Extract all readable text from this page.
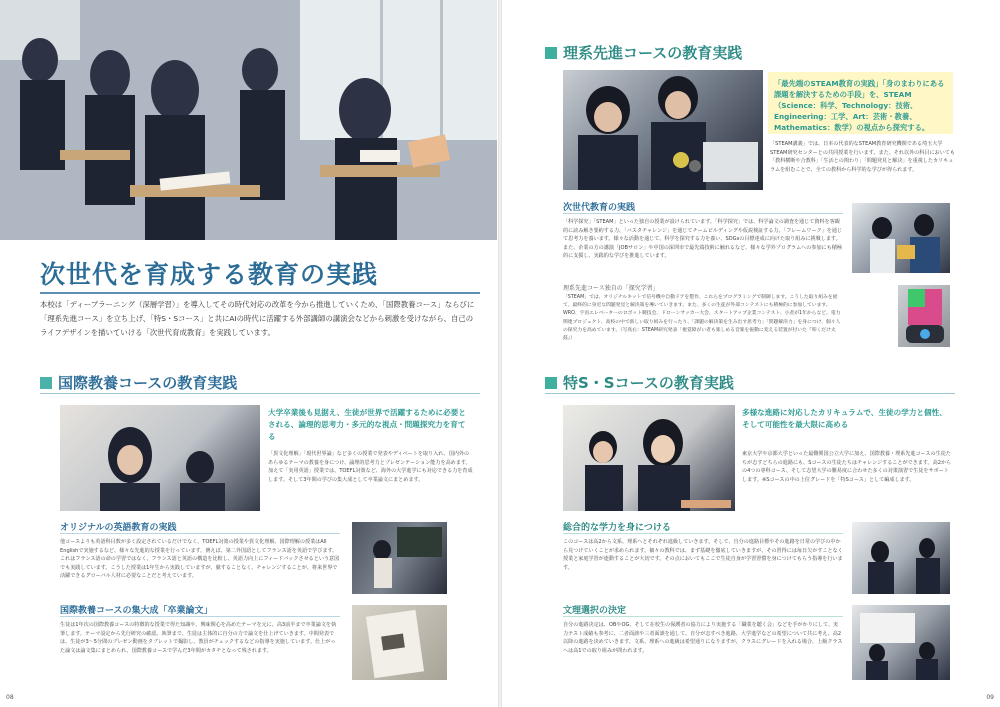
次世代を育成する教育の実践
本校は「ディープラーニング（深層学習）」を導入してその時代対応の改革を今から推進していくため、「国際教養コース」ならびに「理系先進コース」を立ち上げ、「特S・Sコース」と共にAIの時代に活躍する外部講師の講演会などから刺激を受けながら、自己のライフデザインを描いていける「次世代育成教育」を実践しています。
国際教養コースの教育実践
大学卒業後も見据え、生徒が世界で活躍するために必要とされる、論理的思考力・多元的な視点・問題探究力を育てる
「異文化理解」「現代世界論」など多くの授業で発表やディベートを取り入れ、国内外のあらゆるテーマの教養を身につけ、論理的思考力とプレゼンテーション能力を高めます。加えて「実用英語」授業では、TOEFL対策など、海外の大学進学にも対応できる力を育成します。そして3年間の学びの集大成として卒業論文にまとめます。
オリジナルの英語教育の実践
他コースよりも英語科目数が多く設定されているだけでなく、TOEFL対策の授業や異文化理解、国際理解の授業はAll Englishで実施するなど、様々な先進的な授業を行っています。例えば、第二外国語としてフランス語を英語で学びます。これはフランス語の命の学習ではなく、フランス語と英語の構造を比較し、英語力向上にフィードバックさせるという意図でも実践しています。こうした授業は1年生から実践していますが、臆することなく、チャレンジすることが、将来世界で活躍できるグローバル人材に必要なことだと考えています。
国際教養コースの集大成「卒業論文」
生徒は1年次の国際教養コースの特徴的な授業で得た知識や、興味関心を高めたテーマを元に、高3前半まで卒業論文を執筆します。テーマ設定から先行研究の確認、執筆まで、生徒は主体的に自分の力で論文を仕上げていきます。中間発表では、生徒が3～5分間のプレゼン動画をタブレットで撮影し、教員がチェックするなどの指導を実施しています。仕上がった論文は論文集にまとめられ、国際教養コースで学んだ3年間がカタチとなって残されます。
08
理系先進コースの教育実践
「最先端のSTEAM教育の実践」「身のまわりにある課題を解決するための手段」を、STEAM（Science：科学、Technology：技術、Engineering：工学、Art：芸術・教養、Mathematics：数学）の視点から探究する。
「STEAM講義」では、日本の代表的なSTEAM教育研究機関である埼玉大学STEAM研究センターとの共同授業を行います。また、それ以外の科目においても「教科横断や合教科」「生活との関わり」「問題発見と解決」を重視したカリキュラムを組むことで、全ての教科から科学的な学びが得られます。
次世代教育の実践
「科学探究」「STEAM」といった独自の授業が設けられています。「科学探究」では、科学論文の調査を通じて資料を客観的に読み解き要約する力、「バスタチャレンジ」を通じてチームビルディングや仮説検証する力、「フレームワーク」を通じて思考力を養います。様々な活動を通じて、科学を探究する力を養い、SDGsの目標達成に向けた取り組みに挑戦します。また、企業の方の講演「JOBサロン」や中国の深圳市で最先端技術に触れるなど、様々な学外プログラムへの参加にも積極的に支援し、実践的な学びを推進しています。
理系先進コース独自の「探究学習」
「STEAM」では、オリジナルキットで信号機や自動ドアを製作、これらをプログラミングで制御します。こうした取り組みを経て、最終的に身近な問題発見と解決策を導いていきます。また、多くの生徒が外部コンテストにも積極的に参加しています。WRO、宇宙エレベーターのロボット競技会、ドローンサッカー大会、スタートアップ企業コンテスト、小者が1年からなど。電力関連プロジェクト、高校の中で新しい取り組みを行ったり、「課題の解決策を生み出す思考力」「問題解決力」を身につけ、個々人の探究力を高めています。（写真右：STEAM研究発表「視覚障がい者も楽しめる音楽を振動に変える装置が付いた『叩くだけ太鼓』）
特S・Sコースの教育実践
多様な進路に対応したカリキュラムで、生徒の学力と個性、そして可能性を最大限に高める
東京大学や京都大学といった最難関国公立大学に加え、国際教養・理系先進コースの生徒たちが志すどちらの進路にも、Sコースの生徒たちはチャレンジすることができます。高2からの4つの専科コース、そして志望大学の難易度に合わせた多くの対策演習で生徒をサポートします。※Sコースの中の上位グレードを「特Sコース」として編成します。
総合的な学力を身につける
このコースは高2から文系、理系へとそれぞれ進級していきます。そして、自分の進路目標やその進路を日常の学びの中から見つけていくことが求められます。個々の教科では、まず基礎を徹底していきますが、その習得には毎日欠かすことなく授業と家庭学習が連動することが大切です。その点においてもここで生徒自身が学習習慣を身につけてもらう指導を行います。
文理選択の決定
自分の進路決定は、OBやOG、そして在校生の保護者の協力により実施する「職業を聴く会」などを手がかりにして、実力テスト成績も参考に、二者面談や三者面談を通して、自分が志すべき進路、大学進学などの希望について共に考え、高2以降の進路を決めていきます。文系、理系への進級は希望通りになりますが、クラスにグレードを入れる場合、上級クラスへは高1での取り組みが問われます。
09
